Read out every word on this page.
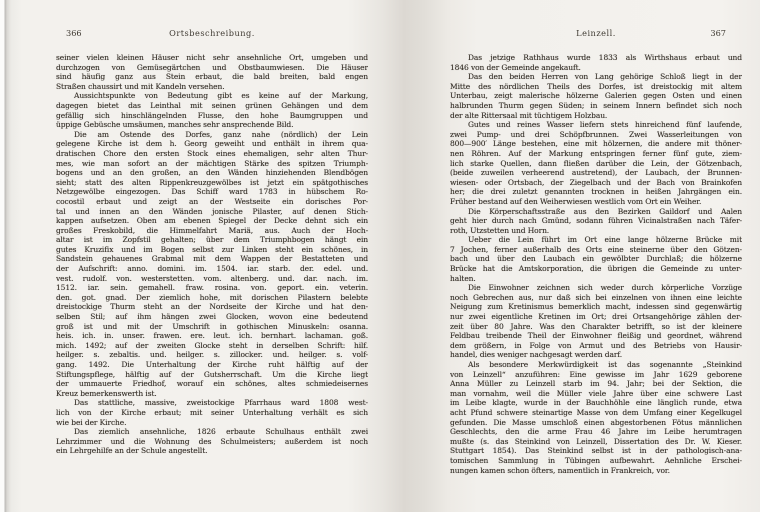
366	Ortsbeschreibung.
seiner vielen kleinen Häuser nicht sehr ansehnliche Ort, umgeben und
durchzogen von Gemüsegärtchen und Obstbaumwiesen. Die Häuser
sind häufig ganz aus Stein erbaut, die bald breiten, bald engen
Straßen chaussirt und mit Kandeln versehen.
Aussichtspunkte von Bedeutung gibt es keine auf der Markung,
dagegen bietet das Leinthal mit seinen grünen Gehängen und dem
gefällig sich hinschlängelnden Flusse, den hohe Baumgruppen und
üppige Gebüsche umsäumen, manches sehr ansprechende Bild.
Die am Ostende des Dorfes, ganz nahe (nördlich) der Lein
gelegene Kirche ist dem h. Georg geweiht und enthält in ihrem qua-
dratischen Chore den ersten Stock eines ehemaligen, sehr alten Thur-
mes, wie man sofort an der mächtigen Stärke des spitzen Triumph-
bogens und an den großen, an den Wänden hinziehenden Blendbögen
sieht; statt des alten Rippenkreuzgewölbes ist jetzt ein spätgothisches
Netzgewölbe eingezogen. Das Schiff ward 1783 in hübschem Ro-
cocostil erbaut und zeigt an der Westseite ein dorisches Por-
tal und innen an den Wänden jonische Pilaster, auf denen Stich-
kappen aufsetzen. Oben am ebenen Spiegel der Decke dehnt sich ein
großes Freskobild, die Himmelfahrt Mariä, aus. Auch der Hoch-
altar ist im Zopfstil gehalten; über dem Triumphbogen hängt ein
gutes Kruzifix und im Bogen selbst zur Linken steht ein schönes, in
Sandstein gehauenes Grabmal mit dem Wappen der Bestatteten und
der Aufschrift: anno. domini. im. 1504. iar. starb. der. edel. und.
vest. rudolf. von. westerstetten. vom. altenberg. und. dar. nach. im.
1512. iar. sein. gemahell. fraw. rosina. von. geport. ein. veterin.
den. got. gnad. Der ziemlich hohe, mit dorischen Pilastern belebte
dreistockige Thurm steht an der Nordseite der Kirche und hat den-
selben Stil; auf ihm hängen zwei Glocken, wovon eine bedeutend
groß ist und mit der Umschrift in gothischen Minuskeln: osanna.
heis. ich. in. unser. frawen. ere. leut. ich. bernhart. lachaman. goß.
mich. 1492; auf der zweiten Glocke steht in derselben Schrift: hilf.
heilger. s. zebaltis. und. heilger. s. zillocker. und. heilger. s. volf-
gang. 1492. Die Unterhaltung der Kirche ruht hälftig auf der
Stiftungspflege, hälftig auf der Gutsherrschaft. Um die Kirche liegt
der ummauerte Friedhof, worauf ein schönes, altes schmiedeisernes
Kreuz bemerkenswerth ist.
Das stattliche, massive, zweistockige Pfarrhaus ward 1808 west-
lich von der Kirche erbaut; mit seiner Unterhaltung verhält es sich
wie bei der Kirche.
Das ziemlich ansehnliche, 1826 erbaute Schulhaus enthält zwei
Lehrzimmer und die Wohnung des Schulmeisters; außerdem ist noch
ein Lehrgehilfe an der Schule angestellt.
Leinzell.	367
Das jetzige Rathhaus wurde 1833 als Wirthshaus erbaut und
1846 von der Gemeinde angekauft.
Das den beiden Herren von Lang gehörige Schloß liegt in der
Mitte des nördlichen Theils des Dorfes, ist dreistockig mit altem
Unterbau, zeigt malerische hölzerne Galerien gegen Osten und einen
halbrunden Thurm gegen Süden; in seinem Innern befindet sich noch
der alte Rittersaal mit tüchtigem Holzbau.
Gutes und reines Wasser liefern stets hinreichend fünf laufende,
zwei Pump- und drei Schöpfbrunnen. Zwei Wasserleitungen von
800—900′ Länge bestehen, eine mit hölzernen, die andere mit thöner-
nen Röhren. Auf der Markung entspringen ferner fünf gute, ziem-
lich starke Quellen, dann fließen darüber die Lein, der Götzenbach,
(beide zuweilen verheerend austretend), der Laubach, der Brunnen-
wiesen- oder Ortsbach, der Ziegelbach und der Bach von Brainkofen
her; die drei zuletzt genannten trocknen in heißen Jahrgängen ein.
Früher bestand auf den Weiherwiesen westlich vom Ort ein Weiher.
Die Körperschaftsstraße aus den Bezirken Gaildorf und Aalen
geht hier durch nach Gmünd, sodann führen Vicinalstraßen nach Täfer-
roth, Utzstetten und Horn.
Ueber die Lein führt im Ort eine lange hölzerne Brücke mit
7 Jochen, ferner außerhalb des Orts eine steinerne über den Götzen-
bach und über den Laubach ein gewölbter Durchlaß; die hölzerne
Brücke hat die Amtskorporation, die übrigen die Gemeinde zu unter-
halten.
Die Einwohner zeichnen sich weder durch körperliche Vorzüge
noch Gebrechen aus, nur daß sich bei einzelnen von ihnen eine leichte
Neigung zum Kretinismus bemerklich macht, indessen sind gegenwärtig
nur zwei eigentliche Kretinen im Ort; drei Ortsangehörige zählen der-
zeit über 80 Jahre. Was den Charakter betrifft, so ist der kleinere
Feldbau treibende Theil der Einwohner fleißig und geordnet, während
dem größern, in Folge von Armut und des Betriebs von Hausir-
handel, dies weniger nachgesagt werden darf.
Als besondere Merkwürdigkeit ist das sogenannte „Steinkind
von Leinzell“ anzuführen: Eine gewisse im Jahr 1629 geborene
Anna Müller zu Leinzell starb im 94. Jahr; bei der Sektion, die
man vornahm, weil die Müller viele Jahre über eine schwere Last
im Leibe klagte, wurde in der Bauchhöhle eine länglich runde, etwa
acht Pfund schwere steinartige Masse von dem Umfang einer Kegelkugel
gefunden. Die Masse umschloß einen abgestorbenen Fötus männlichen
Geschlechts, den die arme Frau 46 Jahre im Leibe herumtragen
mußte (s. das Steinkind von Leinzell, Dissertation des Dr. W. Kieser.
Stuttgart 1854). Das Steinkind selbst ist in der pathologisch-ana-
tomischen Sammlung in Tübingen aufbewahrt. Aehnliche Erschei-
nungen kamen schon öfters, namentlich in Frankreich, vor.
